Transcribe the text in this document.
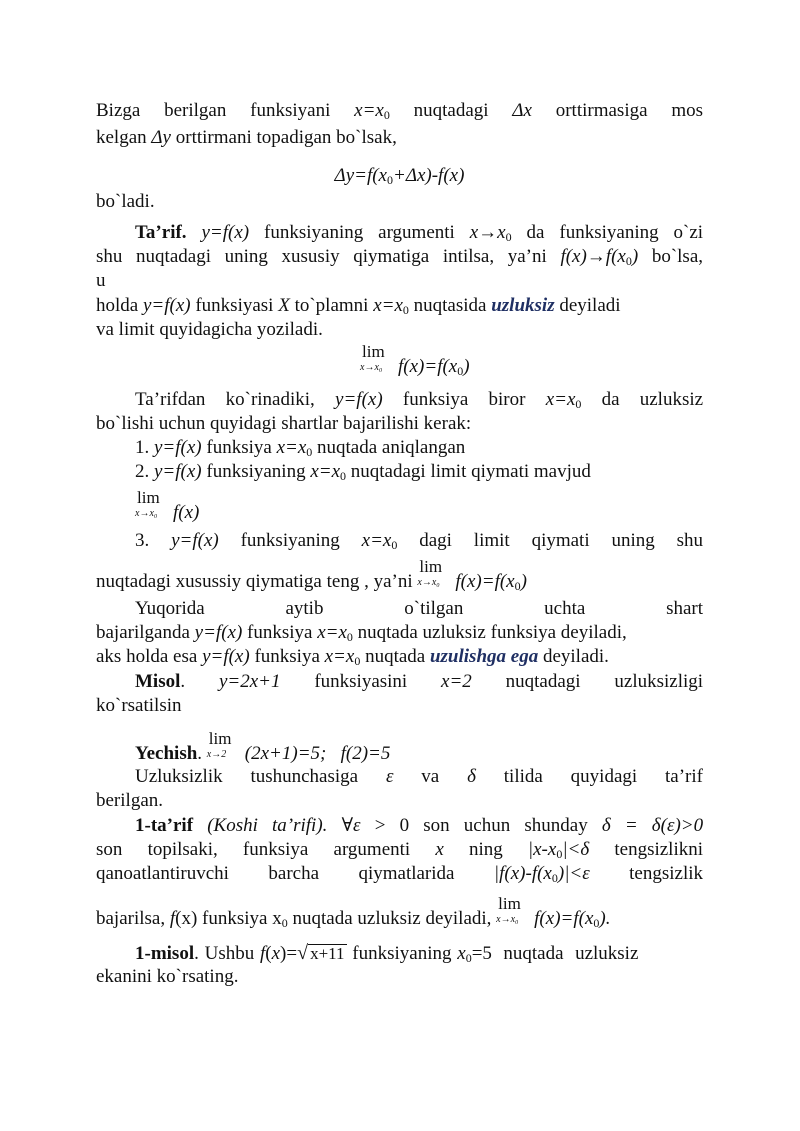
Bizga berilgan funksiyani $x=x_0$ nuqtadagi Δx orttirmasiga mos
kelgan Δy orttirmani topadigan bo`lsak,
$\Delta y=f(x_0+\Delta x)-f(x)$
bo`ladi.
Ta’rif. y=f(x) funksiyaning argumenti $x\to x_0$ da funksiyaning o`zi
shu nuqtadagi uning xususiy qiymatiga intilsa, ya’ni $f(x)\to f(x_0)$ bo`lsa,
u
holda y=f(x) funksiyasi X to`plamni $x=x_0$ nuqtasida uzluksiz deyiladi
va limit quyidagicha yoziladi.
lim
x→x₀ $f(x)=f(x_0)$
Ta’rifdan ko`rinadiki, y=f(x) funksiya biror $x=x_0$ da uzluksiz
bo`lishi uchun quyidagi shartlar bajarilishi kerak:
1. y=f(x) funksiya $x=x_0$ nuqtada aniqlangan
2. y=f(x) funksiyaning $x=x_0$ nuqtadagi limit qiymati mavjud
lim
x→x₀ f(x)
3. y=f(x) funksiyaning $x=x_0$ dagi limit qiymati uning shu
nuqtadagi xusussiy qiymatiga teng , ya’ni
lim
x→x₀ $f(x)=f(x_0)$
Yuqorida	aytib	o`tilgan	uchta	shart
bajarilganda y=f(x) funksiya $x=x_0$ nuqtada uzluksiz funksiya deyiladi,
aks holda esa y=f(x) funksiya $x=x_0$ nuqtada uzulishga ega deyiladi.
Misol. y=2x+1 funksiyasini x=2 nuqtadagi uzluksizligi
ko`rsatilsin
Yechish.
lim
x→2 (2x+1)=5;   f(2)=5
Uzluksizlik tushunchasiga ε va δ tilida quyidagi ta’rif
berilgan.
1-ta’rif (Koshi ta’rifi). ∀ε > 0 son uchun shunday δ = δ(ε)>0
son topilsaki, funksiya argumenti x ning $|x-x_0|<\delta$ tengsizlikni
qanoatlantiruvchi barcha qiymatlarida $|f(x)-f(x_0)|<\varepsilon$ tengsizlik
bajarilsa, f(x) funksiya $x_0$ nuqtada uzluksiz deyiladi,
lim
x→x₀ $f(x)=f(x_0)$.
1-misol. Ushbu f(x)=√ x+11 funksiyaning $x_0=5$ nuqtada uzluksiz
ekanini ko`rsating.
